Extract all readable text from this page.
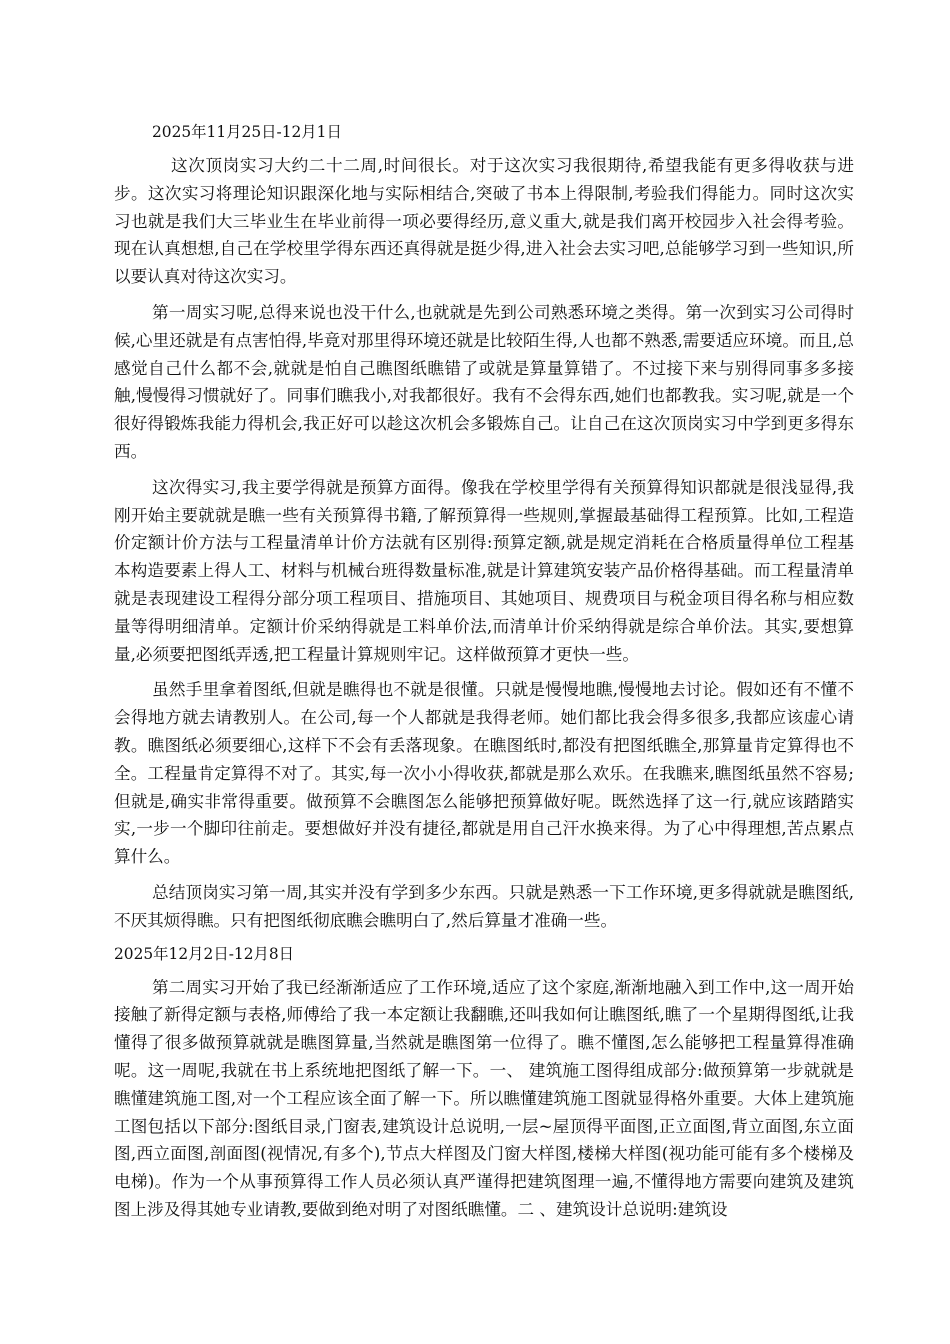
2025年11月25日-12月1日

这次顶岗实习大约二十二周,时间很长。对于这次实习我很期待,希望我能有更多得收获与进步。这次实习将理论知识跟深化地与实际相结合,突破了书本上得限制,考验我们得能力。同时这次实习也就是我们大三毕业生在毕业前得一项必要得经历,意义重大,就是我们离开校园步入社会得考验。现在认真想想,自己在学校里学得东西还真得就是挺少得,进入社会去实习吧,总能够学习到一些知识,所以要认真对待这次实习。

第一周实习呢,总得来说也没干什么,也就就是先到公司熟悉环境之类得。第一次到实习公司得时候,心里还就是有点害怕得,毕竟对那里得环境还就是比较陌生得,人也都不熟悉,需要适应环境。而且,总感觉自己什么都不会,就就是怕自己瞧图纸瞧错了或就是算量算错了。不过接下来与别得同事多多接触,慢慢得习惯就好了。同事们瞧我小,对我都很好。我有不会得东西,她们也都教我。实习呢,就是一个很好得锻炼我能力得机会,我正好可以趁这次机会多锻炼自己。让自己在这次顶岗实习中学到更多得东西。

这次得实习,我主要学得就是预算方面得。像我在学校里学得有关预算得知识都就是很浅显得,我刚开始主要就就是瞧一些有关预算得书籍,了解预算得一些规则,掌握最基础得工程预算。比如,工程造价定额计价方法与工程量清单计价方法就有区别得:预算定额,就是规定消耗在合格质量得单位工程基本构造要素上得人工、材料与机械台班得数量标准,就是计算建筑安装产品价格得基础。而工程量清单就是表现建设工程得分部分项工程项目、措施项目、其她项目、规费项目与税金项目得名称与相应数量等得明细清单。定额计价采纳得就是工料单价法,而清单计价采纳得就是综合单价法。其实,要想算量,必须要把图纸弄透,把工程量计算规则牢记。这样做预算才更快一些。

虽然手里拿着图纸,但就是瞧得也不就是很懂。只就是慢慢地瞧,慢慢地去讨论。假如还有不懂不会得地方就去请教别人。在公司,每一个人都就是我得老师。她们都比我会得多很多,我都应该虚心请教。瞧图纸必须要细心,这样下不会有丢落现象。在瞧图纸时,都没有把图纸瞧全,那算量肯定算得也不全。工程量肯定算得不对了。其实,每一次小小得收获,都就是那么欢乐。在我瞧来,瞧图纸虽然不容易;但就是,确实非常得重要。做预算不会瞧图怎么能够把预算做好呢。既然选择了这一行,就应该踏踏实实,一步一个脚印往前走。要想做好并没有捷径,都就是用自己汗水换来得。为了心中得理想,苦点累点算什么。

总结顶岗实习第一周,其实并没有学到多少东西。只就是熟悉一下工作环境,更多得就就是瞧图纸,不厌其烦得瞧。只有把图纸彻底瞧会瞧明白了,然后算量才准确一些。

2025年12月2日-12月8日

第二周实习开始了我已经渐渐适应了工作环境,适应了这个家庭,渐渐地融入到工作中,这一周开始接触了新得定额与表格,师傅给了我一本定额让我翻瞧,还叫我如何让瞧图纸,瞧了一个星期得图纸,让我懂得了很多做预算就就是瞧图算量,当然就是瞧图第一位得了。瞧不懂图,怎么能够把工程量算得准确呢。这一周呢,我就在书上系统地把图纸了解一下。一、 建筑施工图得组成部分:做预算第一步就就是瞧懂建筑施工图,对一个工程应该全面了解一下。所以瞧懂建筑施工图就显得格外重要。大体上建筑施工图包括以下部分:图纸目录,门窗表,建筑设计总说明,一层~屋顶得平面图,正立面图,背立面图,东立面图,西立面图,剖面图(视情况,有多个),节点大样图及门窗大样图,楼梯大样图(视功能可能有多个楼梯及电梯)。作为一个从事预算得工作人员必须认真严谨得把建筑图理一遍,不懂得地方需要向建筑及建筑图上涉及得其她专业请教,要做到绝对明了对图纸瞧懂。二 、建筑设计总说明:建筑设
